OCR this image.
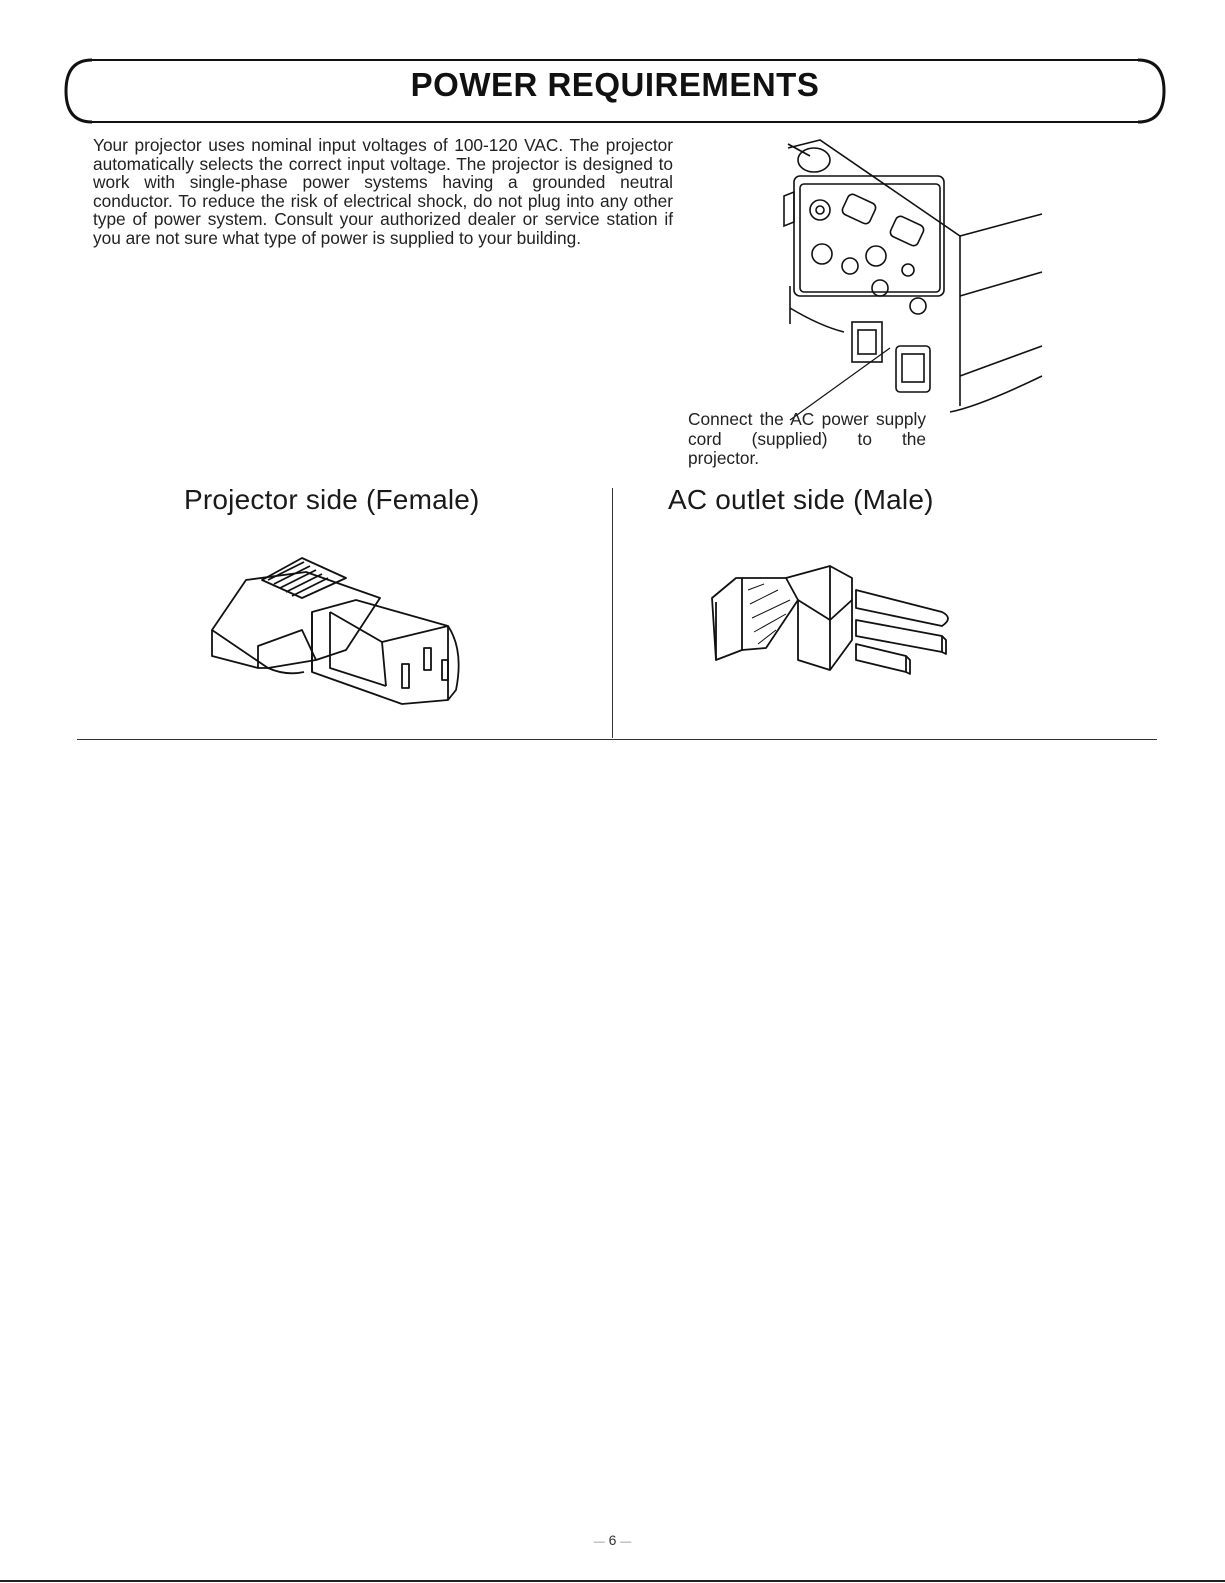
POWER REQUIREMENTS

Your projector uses nominal input voltages of 100-120 VAC. The projector automatically selects the correct input voltage. The projector is designed to work with single-phase power systems having a grounded neutral conductor. To reduce the risk of electrical shock, do not plug into any other type of power system. Consult your authorized dealer or service station if you are not sure what type of power is supplied to your building.

Connect the AC power supply cord (supplied) to the projector.
Projector side (Female)	AC outlet side (Male)
— 6 —
